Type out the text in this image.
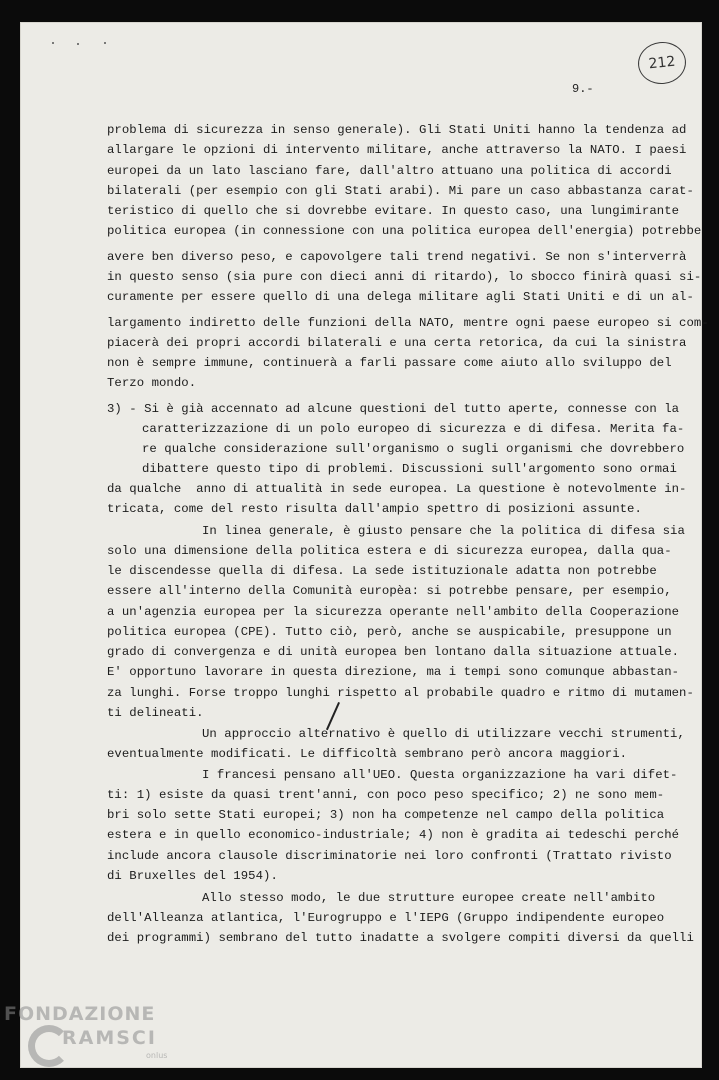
212
9.-
problema di sicurezza in senso generale). Gli Stati Uniti hanno la tendenza ad
allargare le opzioni di intervento militare, anche attraverso la NATO. I paesi
europei da un lato lasciano fare, dall'altro attuano una politica di accordi
bilaterali (per esempio con gli Stati arabi). Mi pare un caso abbastanza carat-
teristico di quello che si dovrebbe evitare. In questo caso, una lungimirante
politica europea (in connessione con una politica europea dell'energia) potrebbe
avere ben diverso peso, e capovolgere tali trend negativi. Se non s'interverrà
in questo senso (sia pure con dieci anni di ritardo), lo sbocco finirà quasi si-
curamente per essere quello di una delega militare agli Stati Uniti e di un al-
largamento indiretto delle funzioni della NATO, mentre ogni paese europeo si com-
piacerà dei propri accordi bilaterali e una certa retorica, da cui la sinistra
non è sempre immune, continuerà a farli passare come aiuto allo sviluppo del
Terzo mondo.
3) - Si è già accennato ad alcune questioni del tutto aperte, connesse con la
caratterizzazione di un polo europeo di sicurezza e di difesa. Merita fa-
re qualche considerazione sull'organismo o sugli organismi che dovrebbero
dibattere questo tipo di problemi. Discussioni sull'argomento sono ormai
da qualche  anno di attualità in sede europea. La questione è notevolmente in-
tricata, come del resto risulta dall'ampio spettro di posizioni assunte.
In linea generale, è giusto pensare che la politica di difesa sia
solo una dimensione della politica estera e di sicurezza europea, dalla qua-
le discendesse quella di difesa. La sede istituzionale adatta non potrebbe
essere all'interno della Comunità europèa: si potrebbe pensare, per esempio,
a un'agenzia europea per la sicurezza operante nell'ambito della Cooperazione
politica europea (CPE). Tutto ciò, però, anche se auspicabile, presuppone un
grado di convergenza e di unità europea ben lontano dalla situazione attuale.
E' opportuno lavorare in questa direzione, ma i tempi sono comunque abbastan-
za lunghi. Forse troppo lunghi rispetto al probabile quadro e ritmo di mutamen-
ti delineati.
Un approccio alternativo è quello di utilizzare vecchi strumenti,
eventualmente modificati. Le difficoltà sembrano però ancora maggiori.
I francesi pensano all'UEO. Questa organizzazione ha vari difet-
ti: 1) esiste da quasi trent'anni, con poco peso specifico; 2) ne sono mem-
bri solo sette Stati europei; 3) non ha competenze nel campo della politica
estera e in quello economico-industriale; 4) non è gradita ai tedeschi perché
include ancora clausole discriminatorie nei loro confronti (Trattato rivisto
di Bruxelles del 1954).
Allo stesso modo, le due strutture europee create nell'ambito
dell'Alleanza atlantica, l'Eurogruppo e l'IEPG (Gruppo indipendente europeo
dei programmi) sembrano del tutto inadatte a svolgere compiti diversi da quelli
FONDAZIONE
RAMSCI
onlus
